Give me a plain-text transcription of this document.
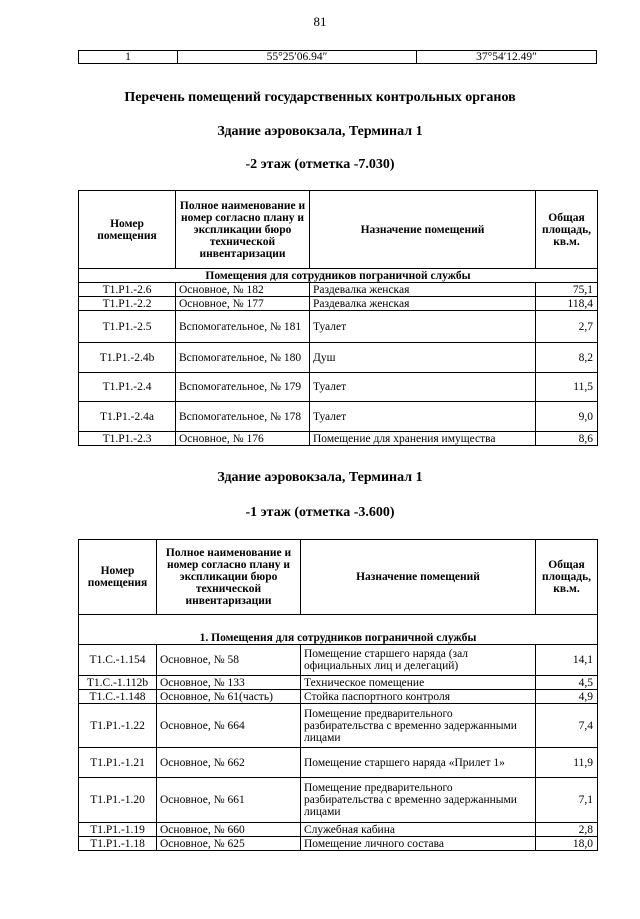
81
1	55°25′06.94″	37°54′12.49″
Перечень помещений государственных контрольных органов
Здание аэровокзала, Терминал 1
-2 этаж (отметка -7.030)
Номер помещения	Полное наименование и номер согласно плану и экспликации бюро технической инвентаризации	Назначение помещений	Общая площадь, кв.м.
Помещения для сотрудников пограничной службы			
T1.P1.-2.6	Основное, № 182	Раздевалка женская	75,1
T1.P1.-2.2	Основное, № 177	Раздевалка женская	118,4
T1.P1.-2.5	Вспомогательное, № 181	Туалет	2,7
T1.P1.-2.4b	Вспомогательное, № 180	Душ	8,2
T1.P1.-2.4	Вспомогательное, № 179	Туалет	11,5
T1.P1.-2.4a	Вспомогательное, № 178	Туалет	9,0
T1.P1.-2.3	Основное, № 176	Помещение для хранения имущества	8,6
Здание аэровокзала, Терминал 1
-1 этаж (отметка -3.600)
Номер помещения	Полное наименование и номер согласно плану и экспликации бюро технической инвентаризации	Назначение помещений	Общая площадь, кв.м.
1. Помещения для сотрудников пограничной службы			
T1.C.-1.154	Основное, № 58	Помещение старшего наряда (зал официальных лиц и делегаций)	14,1
T1.C.-1.112b	Основное, № 133	Техническое помещение	4,5
T1.C.-1.148	Основное, № 61(часть)	Стойка паспортного контроля	4,9
T1.P1.-1.22	Основное, № 664	Помещение предварительного разбирательства с временно задержанными лицами	7,4
T1.P1.-1.21	Основное, № 662	Помещение старшего наряда «Прилет 1»	11,9
T1.P1.-1.20	Основное, № 661	Помещение предварительного разбирательства с временно задержанными лицами	7,1
T1.P1.-1.19	Основное, № 660	Служебная кабина	2,8
T1.P1.-1.18	Основное, № 625	Помещение личного состава	18,0
